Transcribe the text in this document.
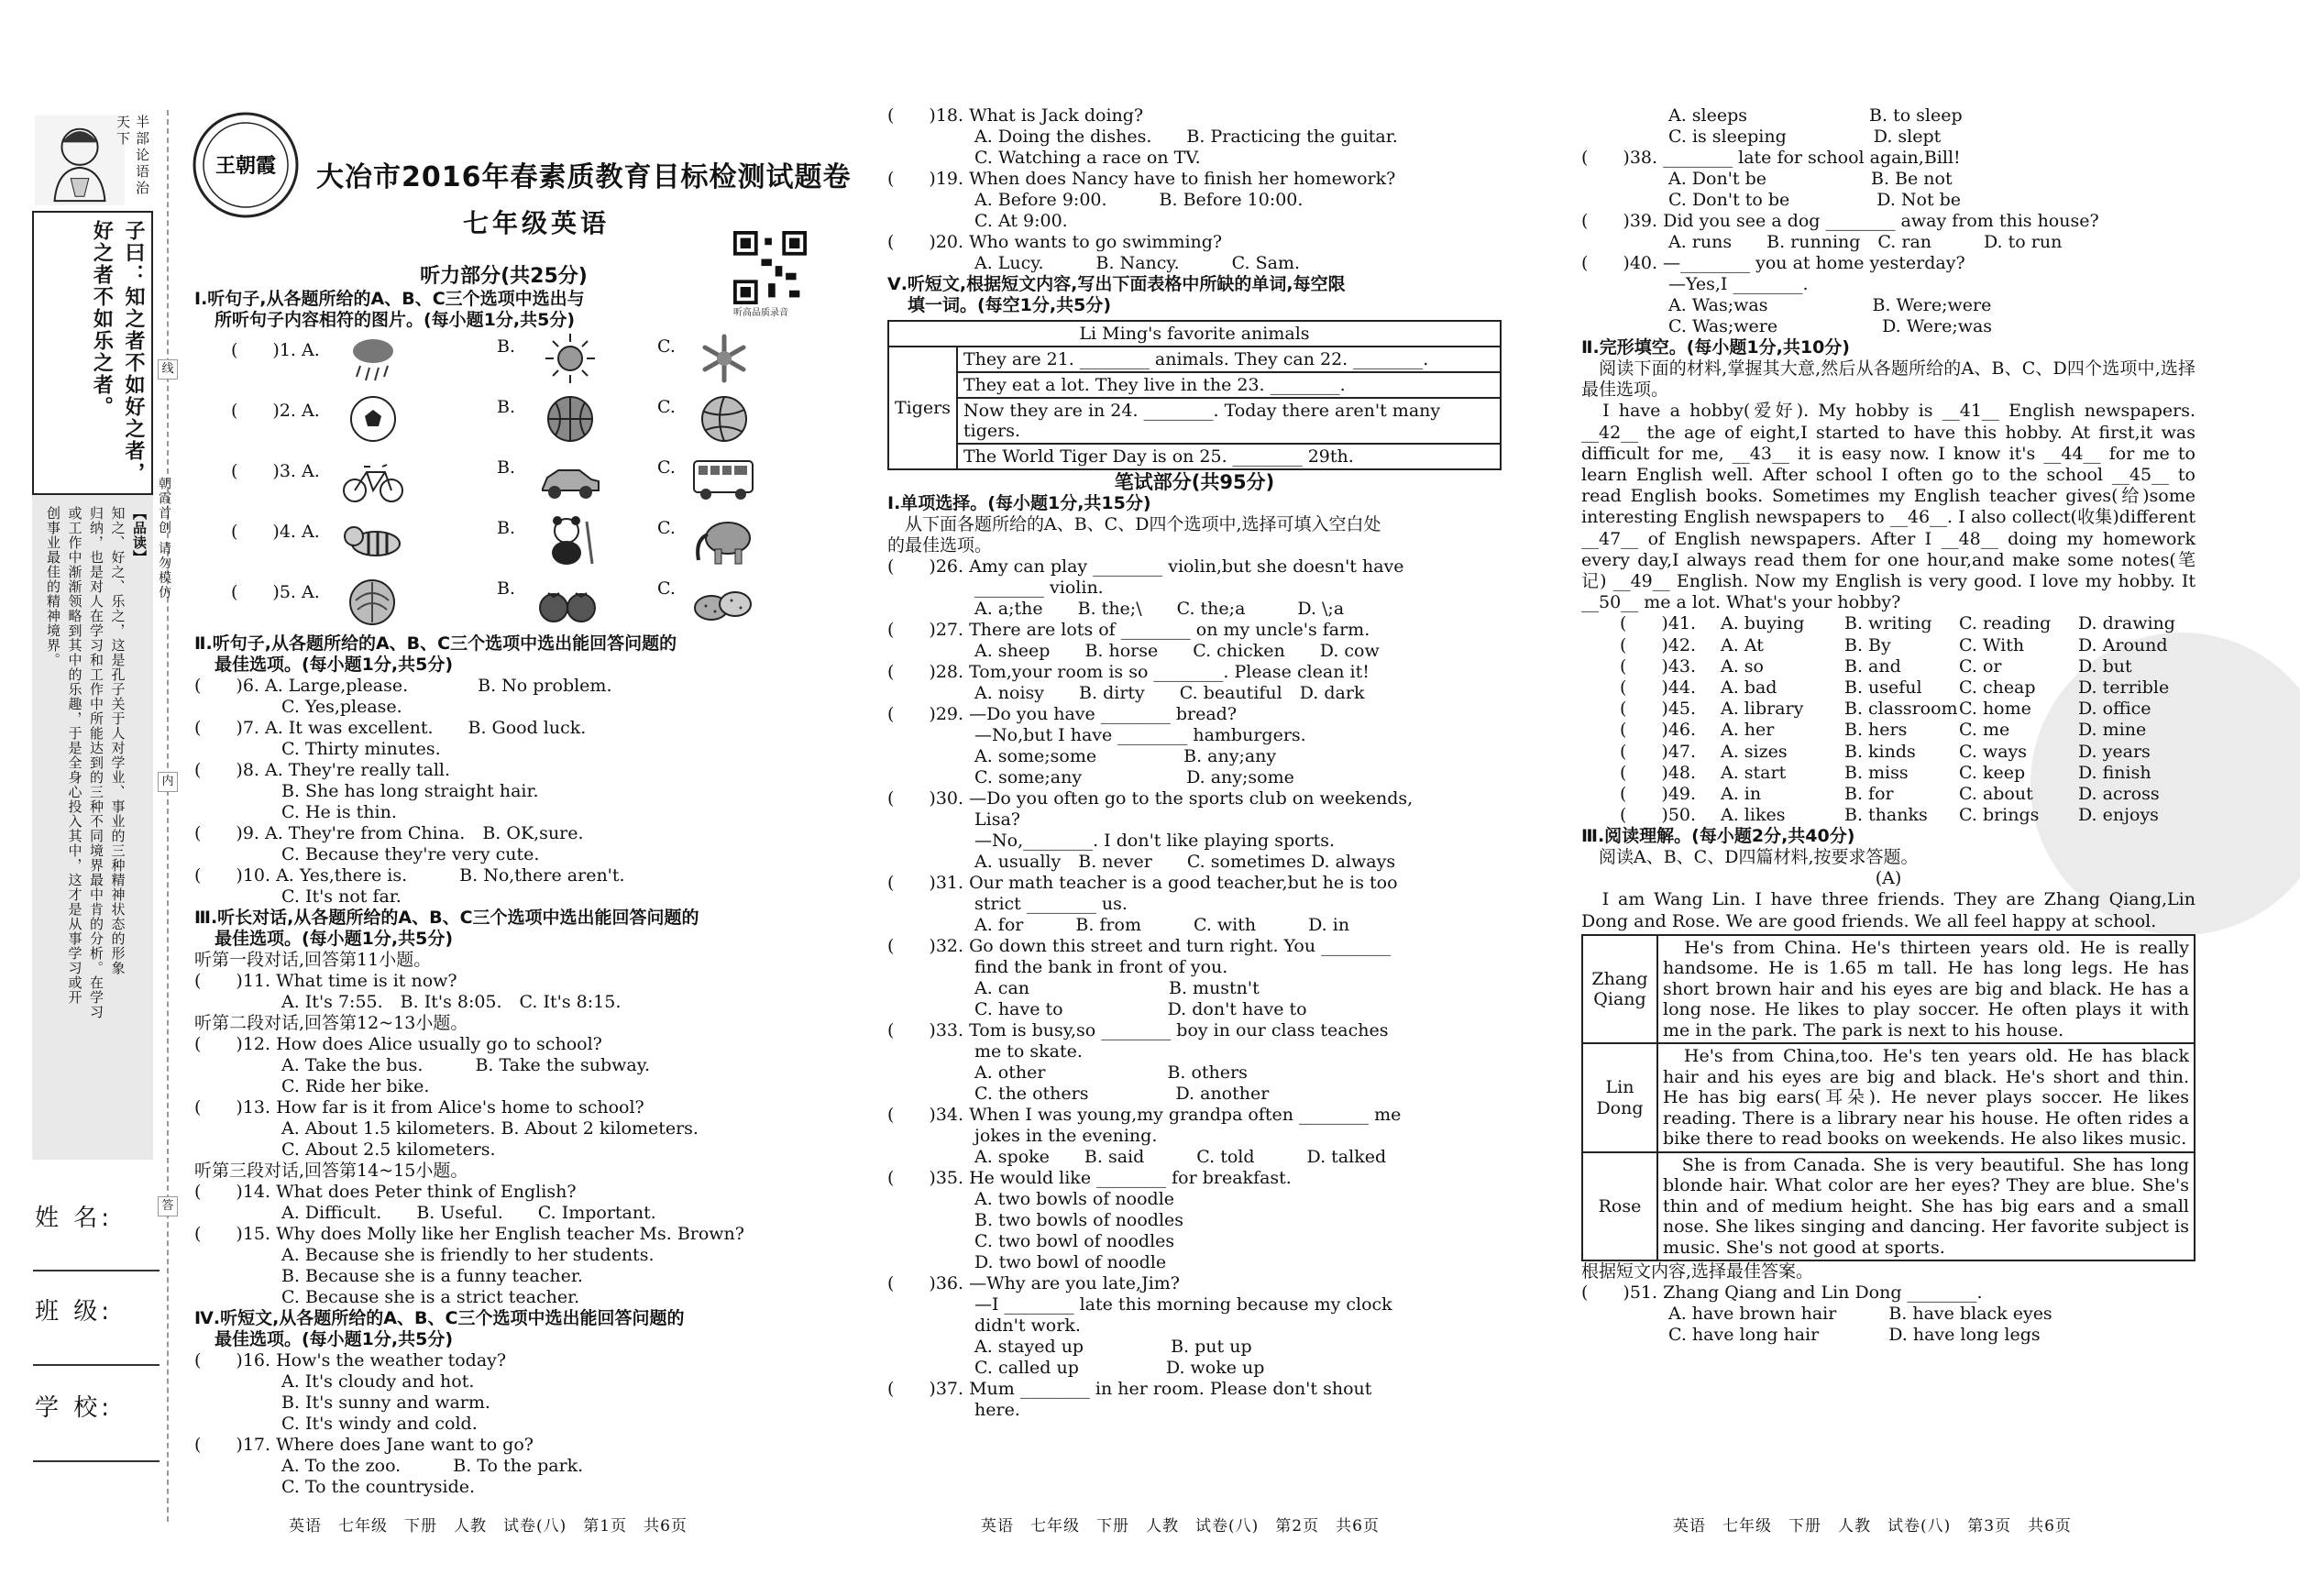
半部论语治天下
子曰：知之者不如好之者，
好之者不如乐之者。
【品读】
知之、好之、乐之，这是孔子关于人对学业、事业的三种精神状态的形象
归纳，也是对人在学习和工作中所能达到的三种不同境界最中肯的分析。在学习
或工作中渐渐领略到其中的乐趣，于是全身心投入其中，这才是从事学习或开
创事业最佳的精神境界。
线
朝霞首创 请勿模仿
内
答
姓 名:
班 级:
学 校:
王朝霞 大冶市2016年春素质教育目标检测试题卷
七年级英语
听高品质录音
听力部分(共25分)
Ⅰ.听句子,从各题所给的A、B、C三个选项中选出与
所听句子内容相符的图片。(每小题1分,共5分)
(　　)1. A.	B.	C.
(　　)2. A.	B.	C.
(　　)3. A.	B.	C.
(　　)4. A.	B.	C.
(　　)5. A.	B.	C.
Ⅱ.听句子,从各题所给的A、B、C三个选项中选出能回答问题的
最佳选项。(每小题1分,共5分)
(　　)6. A. Large,please.　　　　B. No problem.
　　　　　C. Yes,please.
(　　)7. A. It was excellent.　　B. Good luck.
　　　　　C. Thirty minutes.
(　　)8. A. They're really tall.
　　　　　B. She has long straight hair.
　　　　　C. He is thin.
(　　)9. A. They're from China.　B. OK,sure.
　　　　　C. Because they're very cute.
(　　)10. A. Yes,there is.　　　B. No,there aren't.
　　　　　C. It's not far.
Ⅲ.听长对话,从各题所给的A、B、C三个选项中选出能回答问题的
最佳选项。(每小题1分,共5分)
听第一段对话,回答第11小题。
(　　)11. What time is it now?
　　　　　A. It's 7:55.　B. It's 8:05.　C. It's 8:15.
听第二段对话,回答第12~13小题。
(　　)12. How does Alice usually go to school?
　　　　　A. Take the bus.　　　B. Take the subway.
　　　　　C. Ride her bike.
(　　)13. How far is it from Alice's home to school?
　　　　　A. About 1.5 kilometers. B. About 2 kilometers.
　　　　　C. About 2.5 kilometers.
听第三段对话,回答第14~15小题。
(　　)14. What does Peter think of English?
　　　　　A. Difficult.　　B. Useful.　　C. Important.
(　　)15. Why does Molly like her English teacher Ms. Brown?
　　　　　A. Because she is friendly to her students.
　　　　　B. Because she is a funny teacher.
　　　　　C. Because she is a strict teacher.
Ⅳ.听短文,从各题所给的A、B、C三个选项中选出能回答问题的
最佳选项。(每小题1分,共5分)
(　　)16. How's the weather today?
　　　　　A. It's cloudy and hot.
　　　　　B. It's sunny and warm.
　　　　　C. It's windy and cold.
(　　)17. Where does Jane want to go?
　　　　　A. To the zoo.　　　B. To the park.
　　　　　C. To the countryside.
英语　七年级　下册　人教　试卷(八)　第1页　共6页
(　　)18. What is Jack doing?
　　　　　A. Doing the dishes.　　B. Practicing the guitar.
　　　　　C. Watching a race on TV.
(　　)19. When does Nancy have to finish her homework?
　　　　　A. Before 9:00.　　　B. Before 10:00.
　　　　　C. At 9:00.
(　　)20. Who wants to go swimming?
　　　　　A. Lucy.　　　B. Nancy.　　　C. Sam.
Ⅴ.听短文,根据短文内容,写出下面表格中所缺的单词,每空限
填一词。(每空1分,共5分)
Li Ming's favorite animals
Tigers	They are 21. ________ animals. They can 22. ________.
They eat a lot. They live in the 23. ________.
Now they are in 24. ________. Today there aren't many tigers.
The World Tiger Day is on 25. ________ 29th.
笔试部分(共95分)
Ⅰ.单项选择。(每小题1分,共15分)
　从下面各题所给的A、B、C、D四个选项中,选择可填入空白处
的最佳选项。
(　　)26. Amy can play ________ violin,but she doesn't have
　　　　　________ violin.
　　　　　A. a;the　　B. the;\　　C. the;a　　　D. \;a
(　　)27. There are lots of ________ on my uncle's farm.
　　　　　A. sheep　　B. horse　　C. chicken　　D. cow
(　　)28. Tom,your room is so ________. Please clean it!
　　　　　A. noisy　　B. dirty　　C. beautiful　D. dark
(　　)29. —Do you have ________ bread?
　　　　　—No,but I have ________ hamburgers.
　　　　　A. some;some　　　　　B. any;any
　　　　　C. some;any　　　　　　D. any;some
(　　)30. —Do you often go to the sports club on weekends,
　　　　　Lisa?
　　　　　—No,________. I don't like playing sports.
　　　　　A. usually　B. never　　C. sometimes D. always
(　　)31. Our math teacher is a good teacher,but he is too
　　　　　strict ________ us.
　　　　　A. for　　　B. from　　　C. with　　　D. in
(　　)32. Go down this street and turn right. You ________
　　　　　find the bank in front of you.
　　　　　A. can　　　　　　　　B. mustn't
　　　　　C. have to　　　　　　D. don't have to
(　　)33. Tom is busy,so ________ boy in our class teaches
　　　　　me to skate.
　　　　　A. other　　　　　　　B. others
　　　　　C. the others　　　　　D. another
(　　)34. When I was young,my grandpa often ________ me
　　　　　jokes in the evening.
　　　　　A. spoke　　B. said　　　C. told　　　D. talked
(　　)35. He would like ________ for breakfast.
　　　　　A. two bowls of noodle
　　　　　B. two bowls of noodles
　　　　　C. two bowl of noodles
　　　　　D. two bowl of noodle
(　　)36. —Why are you late,Jim?
　　　　　—I ________ late this morning because my clock
　　　　　didn't work.
　　　　　A. stayed up　　　　　B. put up
　　　　　C. called up　　　　　D. woke up
(　　)37. Mum ________ in her room. Please don't shout
　　　　　here.
英语　七年级　下册　人教　试卷(八)　第2页　共6页
　　　　　A. sleeps　　　　　　　B. to sleep
　　　　　C. is sleeping　　　　　D. slept
(　　)38. ________ late for school again,Bill!
　　　　　A. Don't be　　　　　　B. Be not
　　　　　C. Don't to be　　　　　D. Not be
(　　)39. Did you see a dog ________ away from this house?
　　　　　A. runs　　B. running　C. ran　　　D. to run
(　　)40. —________ you at home yesterday?
　　　　　—Yes,I ________.
　　　　　A. Was;was　　　　　　B. Were;were
　　　　　C. Was;were　　　　　　D. Were;was
Ⅱ.完形填空。(每小题1分,共10分)
　阅读下面的材料,掌握其大意,然后从各题所给的A、B、C、D四个选项中,选择最佳选项。
　I have a hobby(爱好). My hobby is __41__ English newspapers. __42__ the age of eight,I started to have this hobby. At first,it was difficult for me, __43__ it is easy now. I know it's __44__ for me to learn English well. After school I often go to the school __45__ to read English books. Sometimes my English teacher gives(给)some interesting English newspapers to __46__. I also collect(收集)different __47__ of English newspapers. After I __48__ doing my homework every day,I always read them for one hour,and make some notes(笔记) __49__ English. Now my English is very good. I love my hobby. It __50__ me a lot. What's your hobby?
(　　)41.	A. buying	B. writing	C. reading	D. drawing
(　　)42.	A. At	B. By	C. With	D. Around
(　　)43.	A. so	B. and	C. or	D. but
(　　)44.	A. bad	B. useful	C. cheap	D. terrible
(　　)45.	A. library	B. classroom C. home	D. office
(　　)46.	A. her	B. hers	C. me	D. mine
(　　)47.	A. sizes	B. kinds	C. ways	D. years
(　　)48.	A. start	B. miss	C. keep	D. finish
(　　)49.	A. in	B. for	C. about	D. across
(　　)50.	A. likes	B. thanks	C. brings	D. enjoys
Ⅲ.阅读理解。(每小题2分,共40分)
　阅读A、B、C、D四篇材料,按要求答题。
(A)
　I am Wang Lin. I have three friends. They are Zhang Qiang,Lin Dong and Rose. We are good friends. We all feel happy at school.
Zhang Qiang	　He's from China. He's thirteen years old. He is really handsome. He is 1.65 m tall. He has long legs. He has short brown hair and his eyes are big and black. He has a long nose. He likes to play soccer. He often plays it with me in the park. The park is next to his house.
Lin Dong	　He's from China,too. He's ten years old. He has black hair and his eyes are big and black. He's short and thin. He has big ears(耳朵). He never plays soccer. He likes reading. There is a library near his house. He often rides a bike there to read books on weekends. He also likes music.
Rose	　She is from Canada. She is very beautiful. She has long blonde hair. What color are her eyes? They are blue. She's thin and of medium height. She has big ears and a small nose. She likes singing and dancing. Her favorite subject is music. She's not good at sports.
根据短文内容,选择最佳答案。
(　　)51. Zhang Qiang and Lin Dong ________.
　　　　　A. have brown hair　　　B. have black eyes
　　　　　C. have long hair　　　　D. have long legs
英语　七年级　下册　人教　试卷(八)　第3页　共6页
